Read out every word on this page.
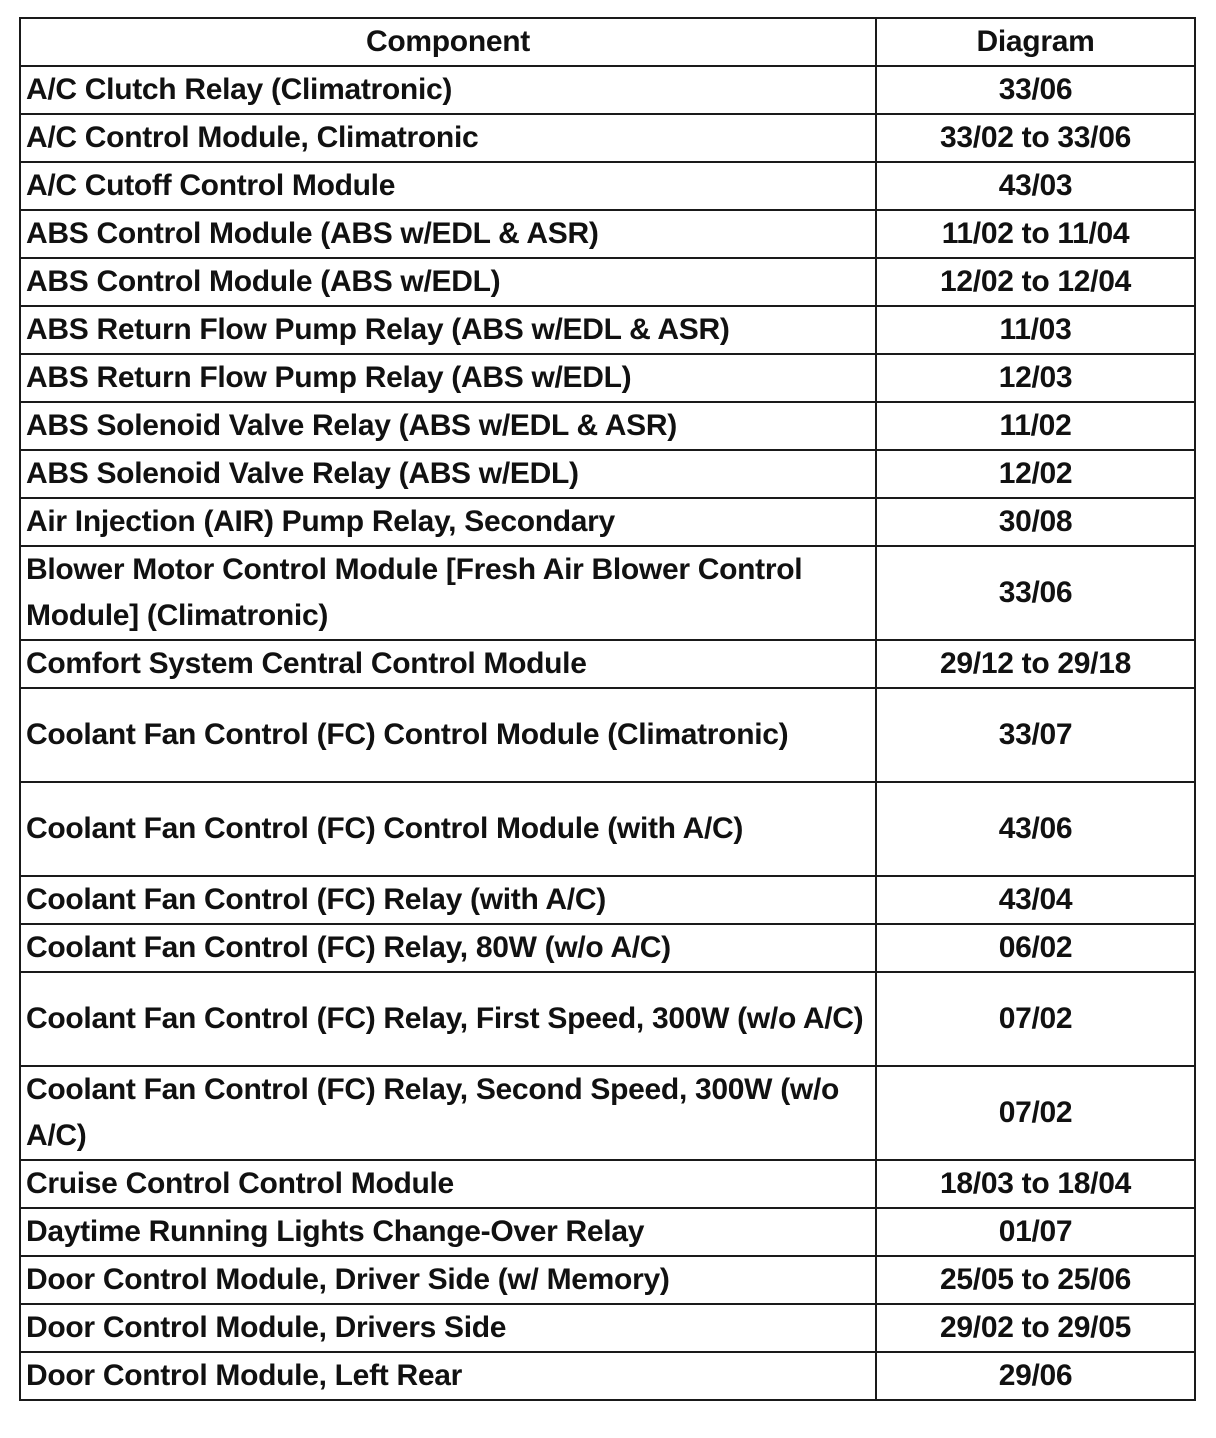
Component	Diagram
A/C Clutch Relay (Climatronic)	33/06
A/C Control Module, Climatronic	33/02 to 33/06
A/C Cutoff Control Module	43/03
ABS Control Module (ABS w/EDL & ASR)	11/02 to 11/04
ABS Control Module (ABS w/EDL)	12/02 to 12/04
ABS Return Flow Pump Relay (ABS w/EDL & ASR)	11/03
ABS Return Flow Pump Relay (ABS w/EDL)	12/03
ABS Solenoid Valve Relay (ABS w/EDL & ASR)	11/02
ABS Solenoid Valve Relay (ABS w/EDL)	12/02
Air Injection (AIR) Pump Relay, Secondary	30/08
Blower Motor Control Module [Fresh Air Blower Control Module] (Climatronic)	33/06
Comfort System Central Control Module	29/12 to 29/18
Coolant Fan Control (FC) Control Module (Climatronic)	33/07
Coolant Fan Control (FC) Control Module (with A/C)	43/06
Coolant Fan Control (FC) Relay (with A/C)	43/04
Coolant Fan Control (FC) Relay, 80W (w/o A/C)	06/02
Coolant Fan Control (FC) Relay, First Speed, 300W (w/o A/C)	07/02
Coolant Fan Control (FC) Relay, Second Speed, 300W (w/o A/C)	07/02
Cruise Control Control Module	18/03 to 18/04
Daytime Running Lights Change-Over Relay	01/07
Door Control Module, Driver Side (w/ Memory)	25/05 to 25/06
Door Control Module, Drivers Side	29/02 to 29/05
Door Control Module, Left Rear	29/06
